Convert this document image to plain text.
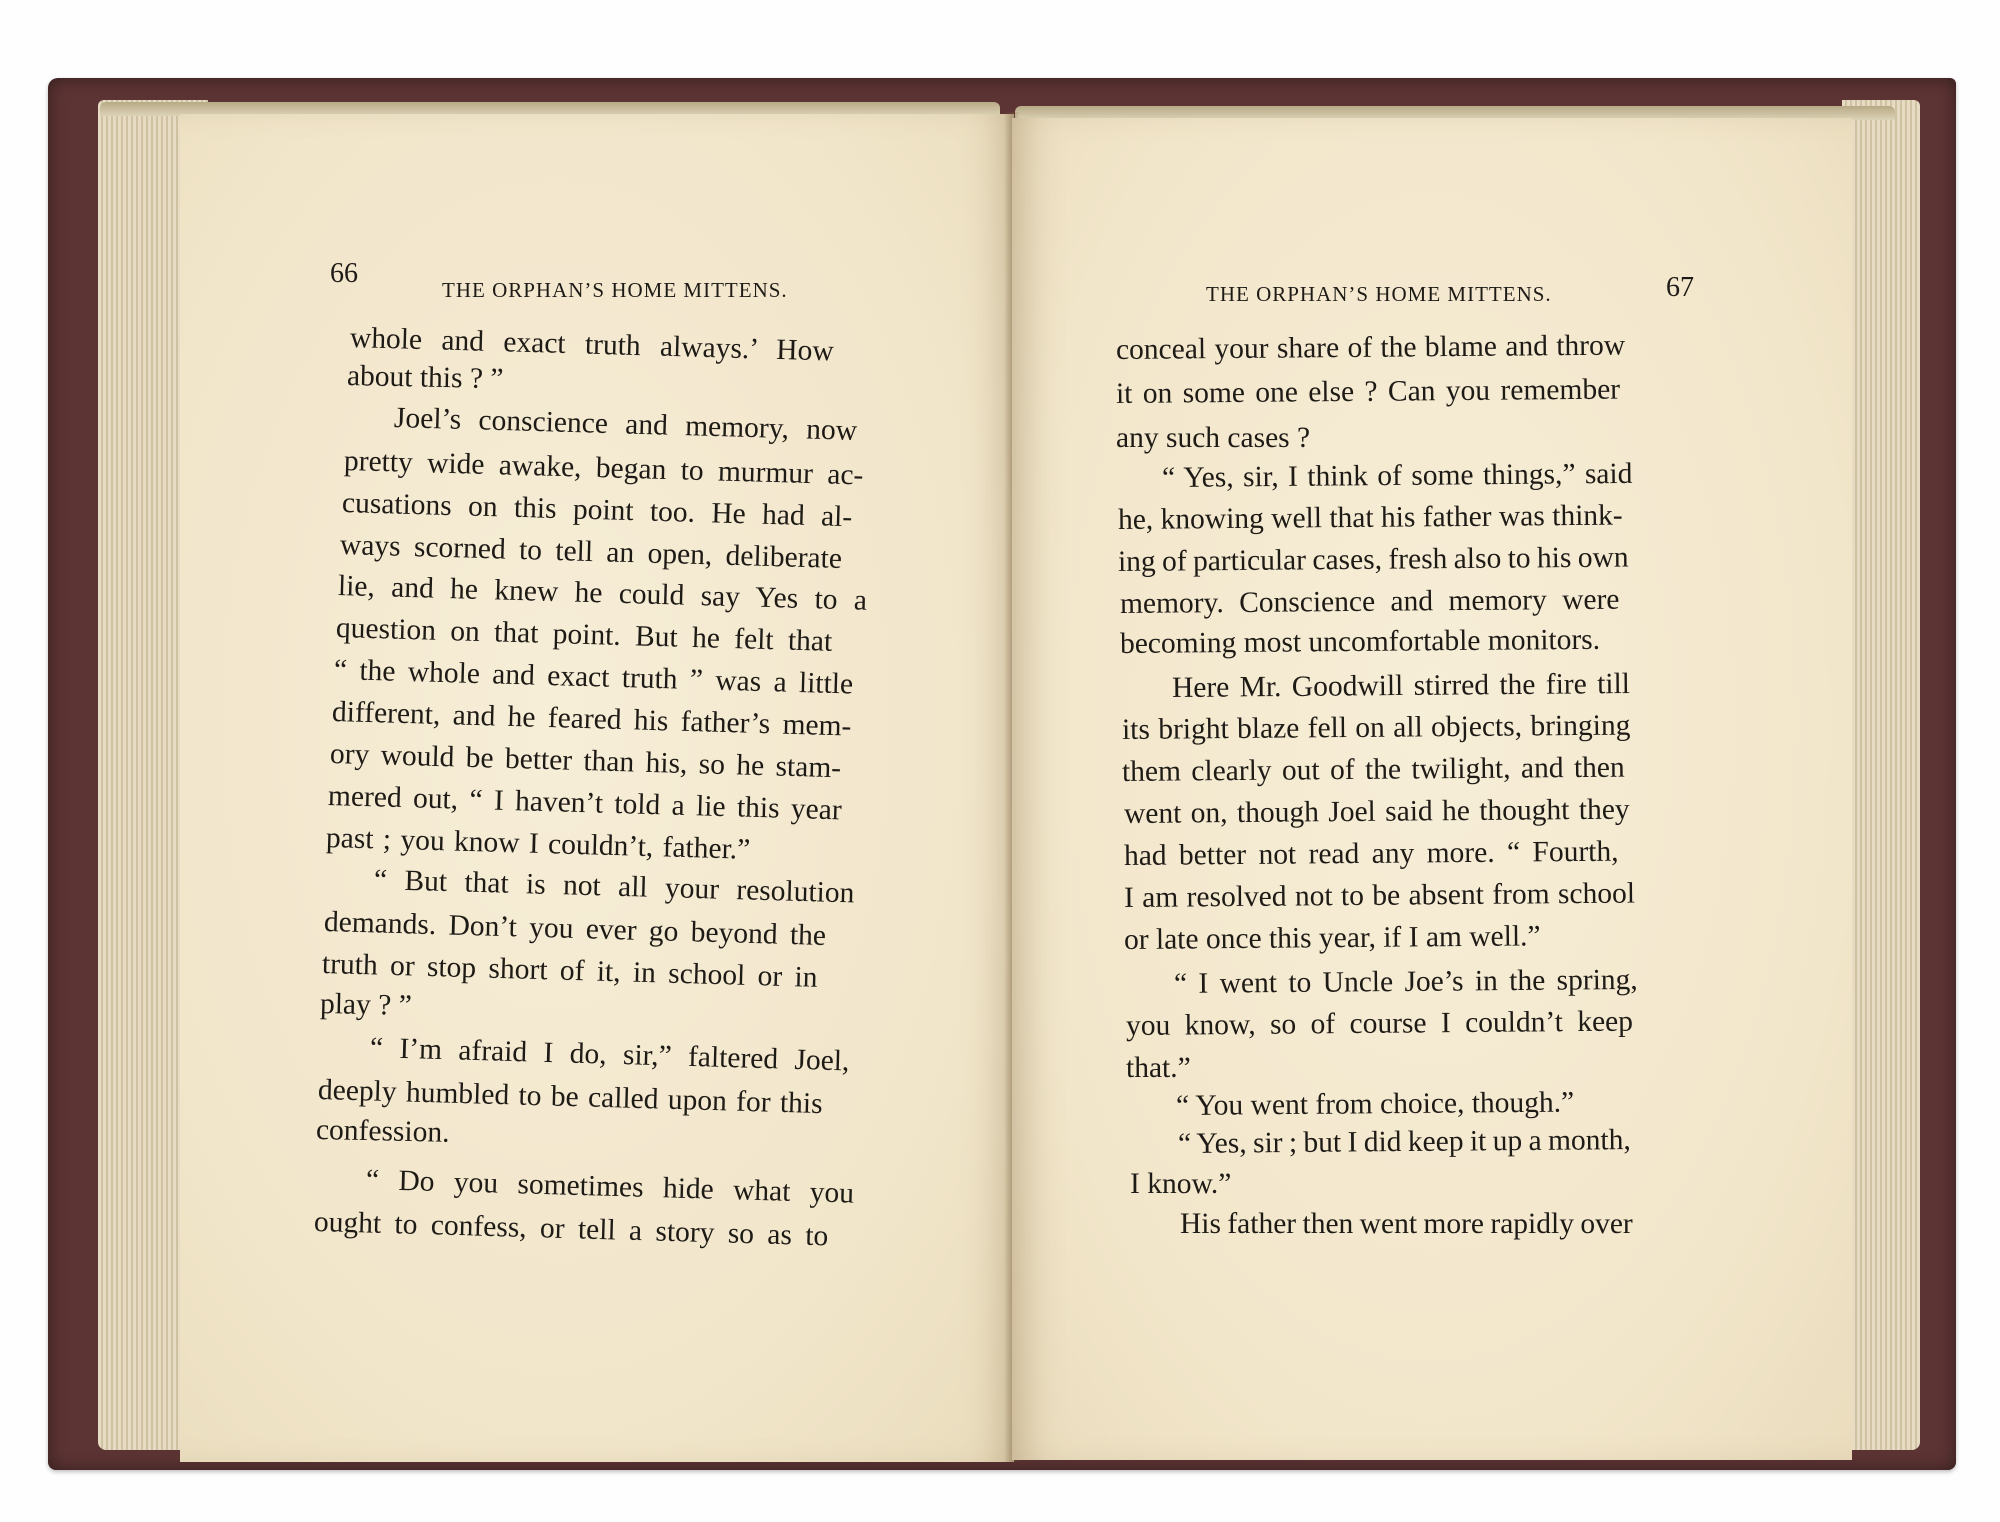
66
THE ORPHAN’S HOME MITTENS.
whole and exact truth always.’ How
about this ? ”
Joel’s conscience and memory, now
pretty wide awake, began to murmur ac-
cusations on this point too. He had al-
ways scorned to tell an open, deliberate
lie, and he knew he could say Yes to a
question on that point. But he felt that
“ the whole and exact truth ” was a little
different, and he feared his father’s mem-
ory would be better than his, so he stam-
mered out, “ I haven’t told a lie this year
past ; you know I couldn’t, father.”
“ But that is not all your resolution
demands. Don’t you ever go beyond the
truth or stop short of it, in school or in
play ? ”
“ I’m afraid I do, sir,” faltered Joel,
deeply humbled to be called upon for this
confession.
“ Do you sometimes hide what you
ought to confess, or tell a story so as to
THE ORPHAN’S HOME MITTENS.	67
conceal your share of the blame and throw
it on some one else ? Can you remember
any such cases ?
“ Yes, sir, I think of some things,” said
he, knowing well that his father was think-
ing of particular cases, fresh also to his own
memory. Conscience and memory were
becoming most uncomfortable monitors.
Here Mr. Goodwill stirred the fire till
its bright blaze fell on all objects, bringing
them clearly out of the twilight, and then
went on, though Joel said he thought they
had better not read any more. “ Fourth,
I am resolved not to be absent from school
or late once this year, if I am well.”
“ I went to Uncle Joe’s in the spring,
you know, so of course I couldn’t keep
that.”
“ You went from choice, though.”
“ Yes, sir ; but I did keep it up a month,
I know.”
His father then went more rapidly over
